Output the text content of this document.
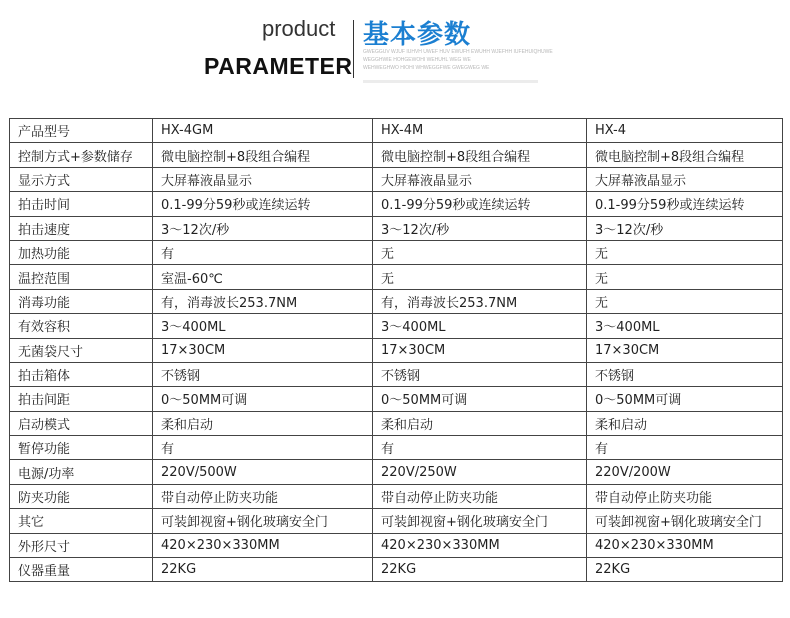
product
PARAMETER
基本参数
GWEGGUV WJUF IUHVH UWEF HUV EWUFH EWUHH WJEFHH IUFEHUIQHUWE
WEGGHWIE HOHGEWOHI WEHUHL WEG WE
WEHWEGHWO HIOHI WHWEGGFWE GWEGWEG WE
产品型号	HX-4GM	HX-4M	HX-4
控制方式+参数储存	微电脑控制+8段组合编程	微电脑控制+8段组合编程	微电脑控制+8段组合编程
显示方式	大屏幕液晶显示	大屏幕液晶显示	大屏幕液晶显示
拍击时间	0.1-99分59秒或连续运转	0.1-99分59秒或连续运转	0.1-99分59秒或连续运转
拍击速度	3～12次/秒	3～12次/秒	3～12次/秒
加热功能	有	无	无
温控范围	室温-60℃	无	无
消毒功能	有，消毒波长253.7NM	有，消毒波长253.7NM	无
有效容积	3～400ML	3～400ML	3～400ML
无菌袋尺寸	17×30CM	17×30CM	17×30CM
拍击箱体	不锈钢	不锈钢	不锈钢
拍击间距	0～50MM可调	0～50MM可调	0～50MM可调
启动模式	柔和启动	柔和启动	柔和启动
暂停功能	有	有	有
电源/功率	220V/500W	220V/250W	220V/200W
防夹功能	带自动停止防夹功能	带自动停止防夹功能	带自动停止防夹功能
其它	可装卸视窗+钢化玻璃安全门	可装卸视窗+钢化玻璃安全门	可装卸视窗+钢化玻璃安全门
外形尺寸	420×230×330MM	420×230×330MM	420×230×330MM
仪器重量	22KG	22KG	22KG
